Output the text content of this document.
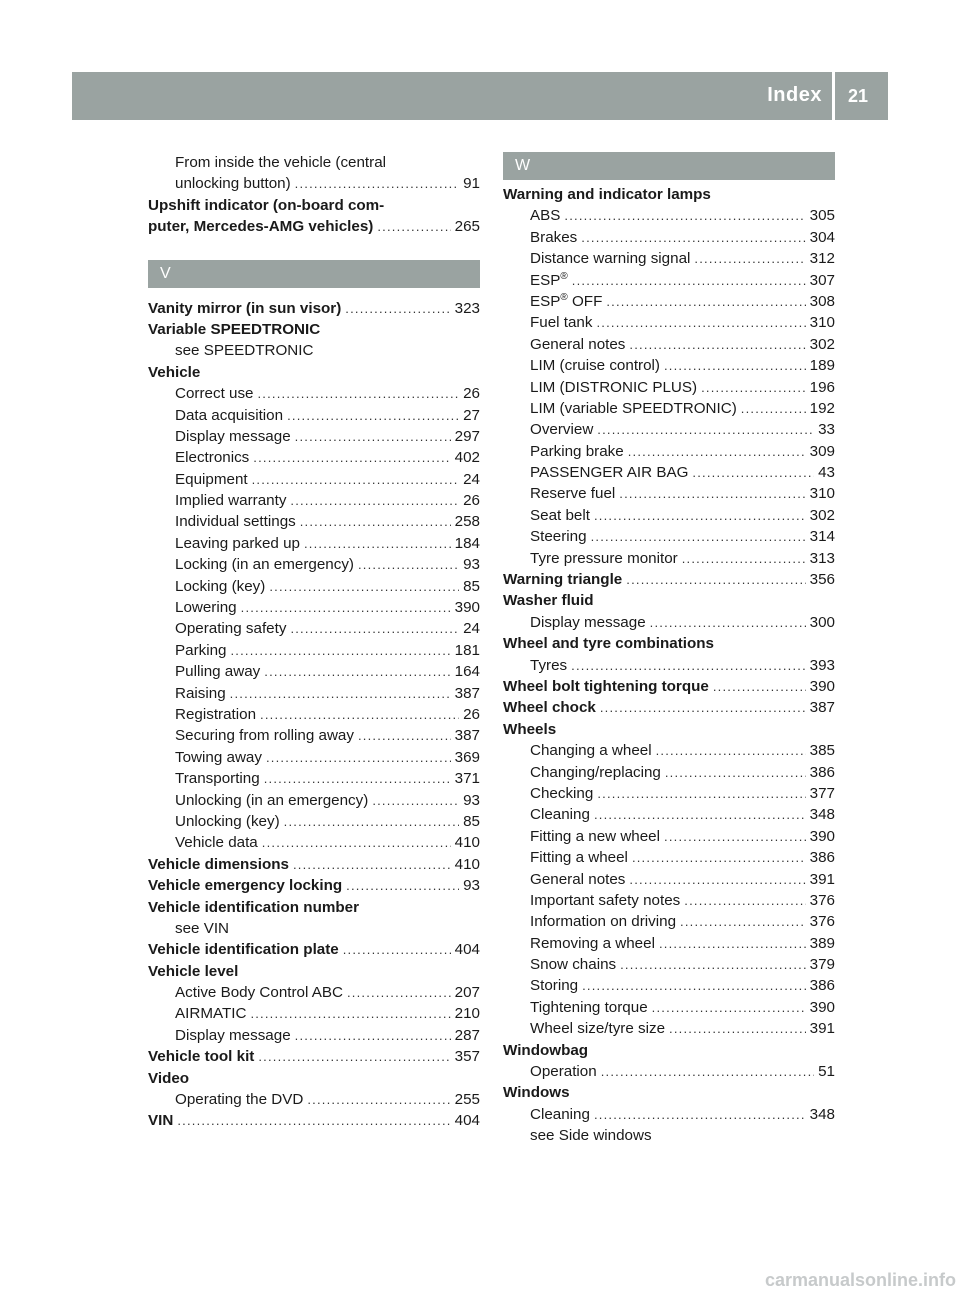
Index	21
From inside the vehicle (central
unlocking button) .....	91
Upshift indicator (on-board com-
puter, Mercedes-AMG vehicles) .....	265
V
Vanity mirror (in sun visor) .....	323
Variable SPEEDTRONIC
see SPEEDTRONIC
Vehicle
Correct use .....	26
Data acquisition .....	27
Display message .....	297
Electronics .....	402
Equipment .....	24
Implied warranty .....	26
Individual settings .....	258
Leaving parked up .....	184
Locking (in an emergency) .....	93
Locking (key) .....	85
Lowering .....	390
Operating safety .....	24
Parking .....	181
Pulling away .....	164
Raising .....	387
Registration .....	26
Securing from rolling away .....	387
Towing away .....	369
Transporting .....	371
Unlocking (in an emergency) .....	93
Unlocking (key) .....	85
Vehicle data .....	410
Vehicle dimensions .....	410
Vehicle emergency locking .....	93
Vehicle identification number
see VIN
Vehicle identification plate .....	404
Vehicle level
Active Body Control ABC .....	207
AIRMATIC .....	210
Display message .....	287
Vehicle tool kit .....	357
Video
Operating the DVD .....	255
VIN .....	404
W
Warning and indicator lamps
ABS .....	305
Brakes .....	304
Distance warning signal .....	312
ESP® .....	307
ESP® OFF .....	308
Fuel tank .....	310
General notes .....	302
LIM (cruise control) .....	189
LIM (DISTRONIC PLUS) .....	196
LIM (variable SPEEDTRONIC) .....	192
Overview .....	33
Parking brake .....	309
PASSENGER AIR BAG .....	43
Reserve fuel .....	310
Seat belt .....	302
Steering .....	314
Tyre pressure monitor .....	313
Warning triangle .....	356
Washer fluid
Display message .....	300
Wheel and tyre combinations
Tyres .....	393
Wheel bolt tightening torque .....	390
Wheel chock .....	387
Wheels
Changing a wheel .....	385
Changing/replacing .....	386
Checking .....	377
Cleaning .....	348
Fitting a new wheel .....	390
Fitting a wheel .....	386
General notes .....	391
Important safety notes .....	376
Information on driving .....	376
Removing a wheel .....	389
Snow chains .....	379
Storing .....	386
Tightening torque .....	390
Wheel size/tyre size .....	391
Windowbag
Operation .....	51
Windows
Cleaning .....	348
see Side windows
carmanualsonline.info
